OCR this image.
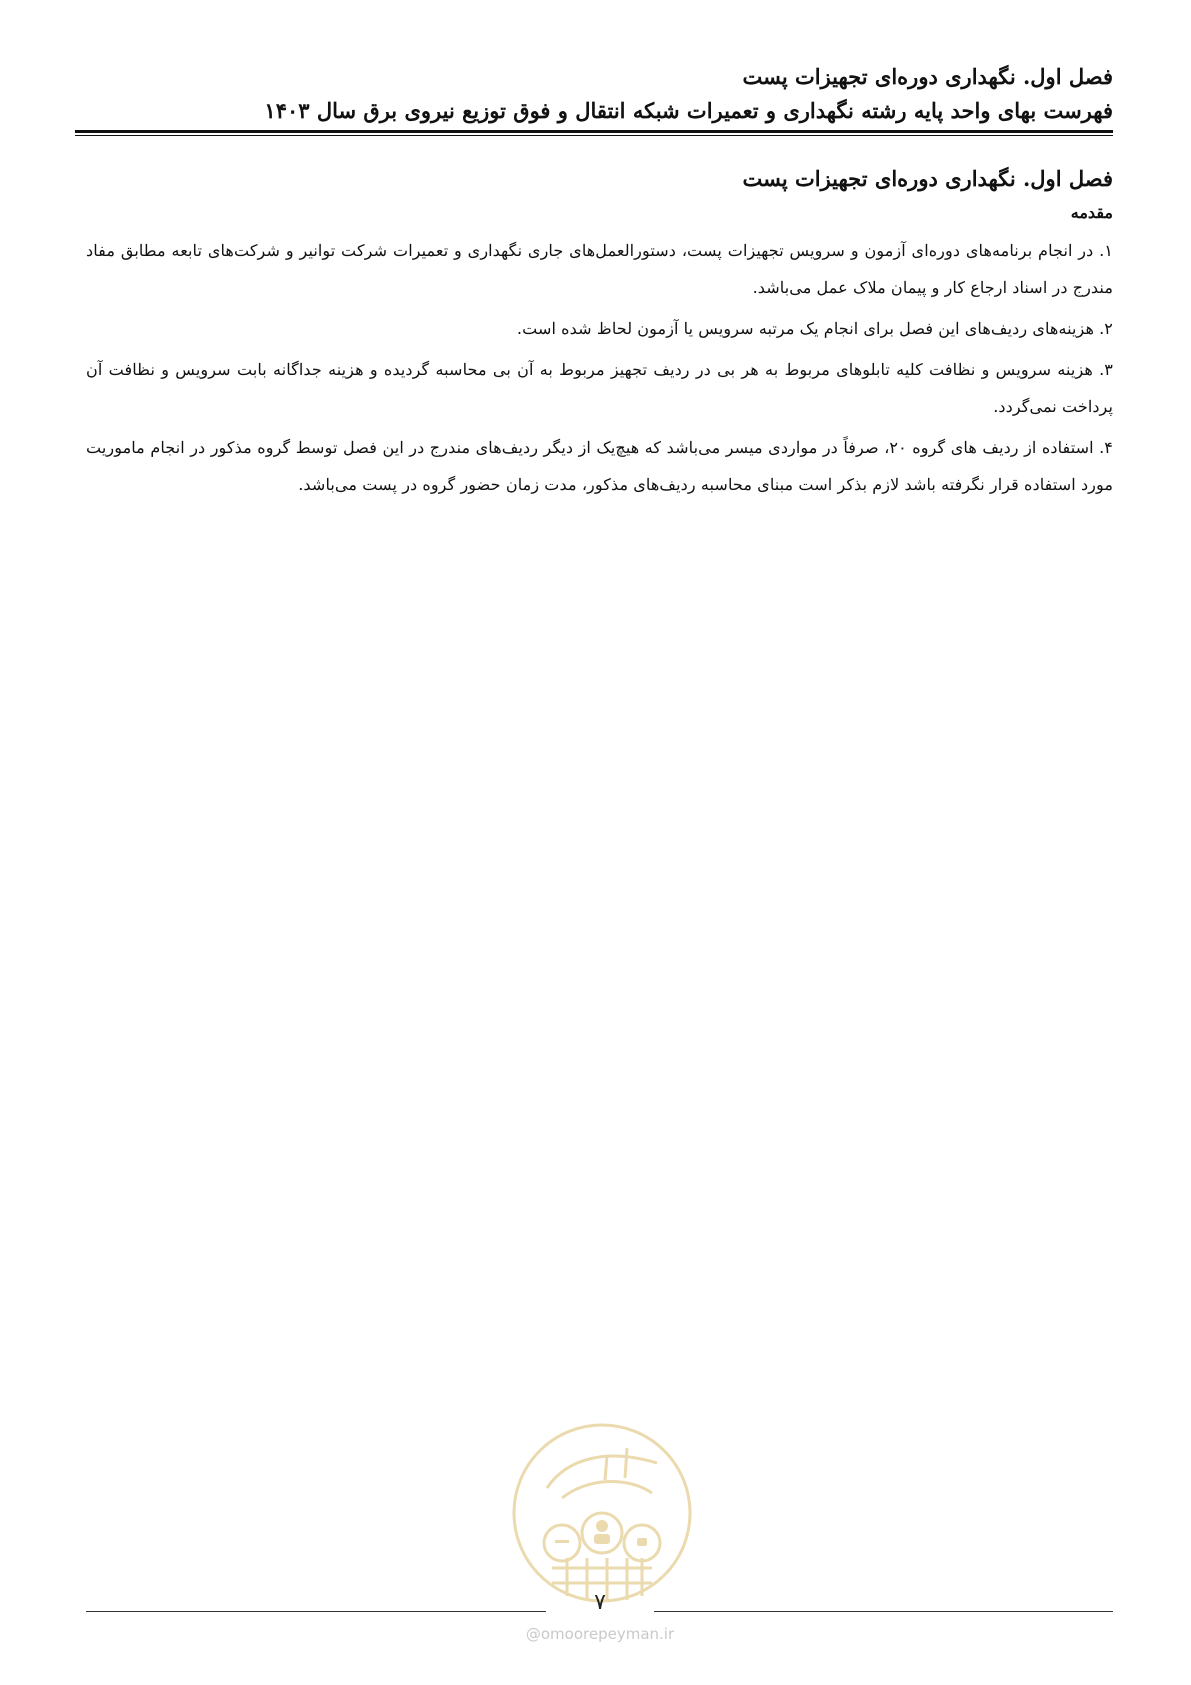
فصل اول. نگهداری دوره‌ای تجهیزات پست
فهرست بهای واحد پایه رشته نگهداری و تعمیرات شبکه انتقال و فوق توزیع نیروی برق سال ۱۴۰۳
فصل اول. نگهداری دوره‌ای تجهیزات پست
مقدمه

۱. در انجام برنامه‌های دوره‌ای آزمون و سرویس تجهیزات پست، دستورالعمل‌های جاری نگهداری و تعمیرات شرکت توانیر و شرکت‌های تابعه مطابق مفاد مندرج در اسناد ارجاع کار و پیمان ملاک عمل می‌باشد.

۲. هزینه‌های ردیف‌های این فصل برای انجام یک مرتبه سرویس یا آزمون لحاظ شده است.

۳. هزینه سرویس و نظافت کلیه تابلوهای مربوط به هر بی در ردیف تجهیز مربوط به آن بی محاسبه گردیده و هزینه جداگانه بابت سرویس و نظافت آن پرداخت نمی‌گردد.

۴. استفاده از ردیف های گروه ۲۰، صرفاً در مواردی میسر می‌باشد که هیچ‌یک از دیگر ردیف‌های مندرج در این فصل توسط گروه مذکور در انجام ماموریت مورد استفاده قرار نگرفته باشد لازم بذکر است مبنای محاسبه ردیف‌های مذکور، مدت زمان حضور گروه در پست می‌باشد.

۷
@omoorepeyman.ir
